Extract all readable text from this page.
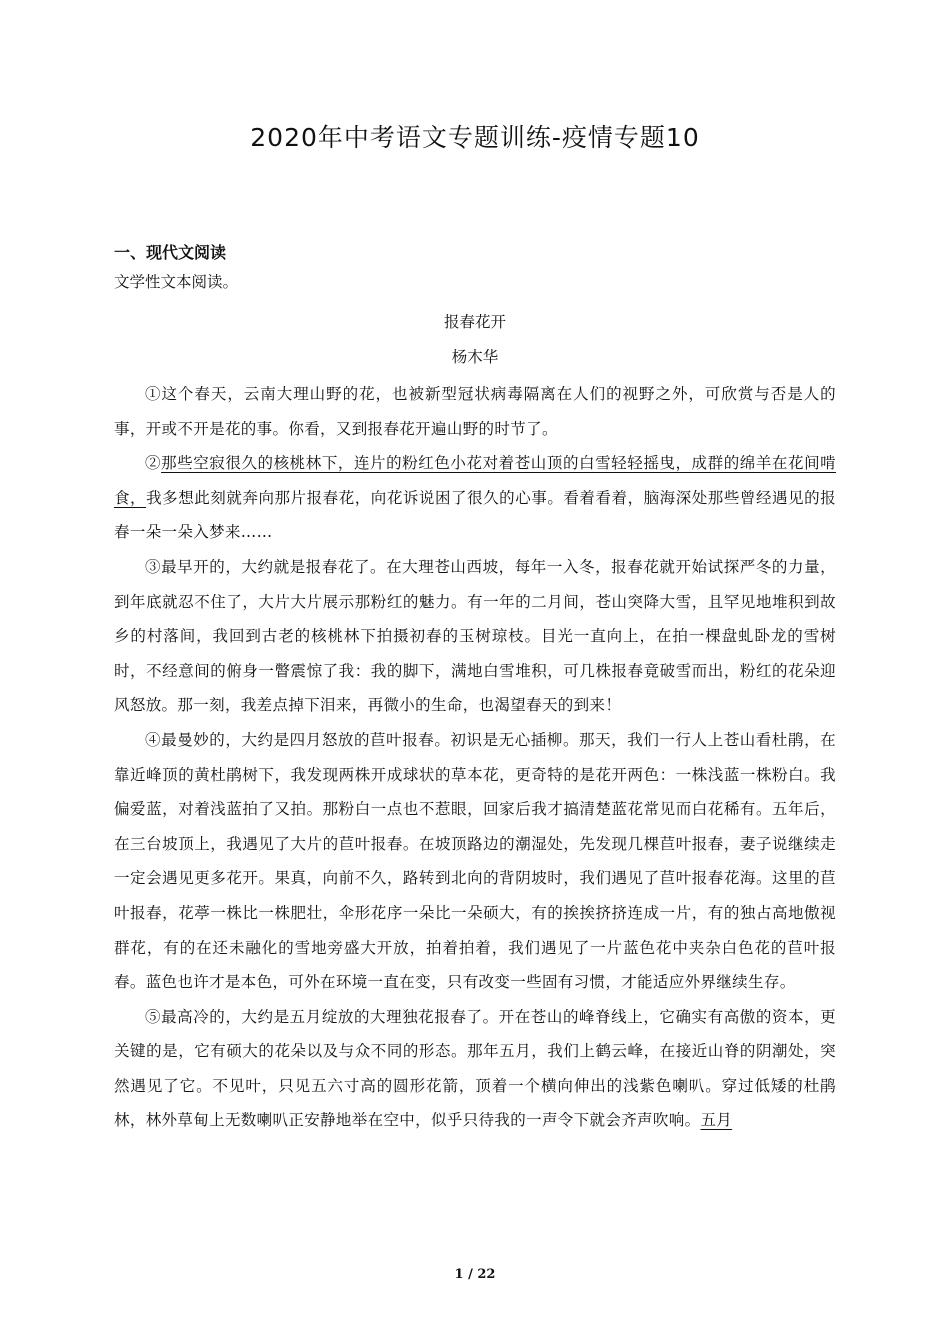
2020年中考语文专题训练-疫情专题10
一、现代文阅读
文学性文本阅读。
报春花开
杨木华

①这个春天，云南大理山野的花，也被新型冠状病毒隔离在人们的视野之外，可欣赏与否是人的事，开或不开是花的事。你看，又到报春花开遍山野的时节了。

②那些空寂很久的核桃林下，连片的粉红色小花对着苍山顶的白雪轻轻摇曳，成群的绵羊在花间啃食，我多想此刻就奔向那片报春花，向花诉说困了很久的心事。看着看着，脑海深处那些曾经遇见的报春一朵一朵入梦来……

③最早开的，大约就是报春花了。在大理苍山西坡，每年一入冬，报春花就开始试探严冬的力量，到年底就忍不住了，大片大片展示那粉红的魅力。有一年的二月间，苍山突降大雪，且罕见地堆积到故乡的村落间，我回到古老的核桃林下拍摄初春的玉树琼枝。目光一直向上，在拍一棵盘虬卧龙的雪树时，不经意间的俯身一瞥震惊了我：我的脚下，满地白雪堆积，可几株报春竟破雪而出，粉红的花朵迎风怒放。那一刻，我差点掉下泪来，再微小的生命，也渴望春天的到来！

④最曼妙的，大约是四月怒放的苣叶报春。初识是无心插柳。那天，我们一行人上苍山看杜鹃，在靠近峰顶的黄杜鹃树下，我发现两株开成球状的草本花，更奇特的是花开两色：一株浅蓝一株粉白。我偏爱蓝，对着浅蓝拍了又拍。那粉白一点也不惹眼，回家后我才搞清楚蓝花常见而白花稀有。五年后，在三台坡顶上，我遇见了大片的苣叶报春。在坡顶路边的潮湿处，先发现几棵苣叶报春，妻子说继续走一定会遇见更多花开。果真，向前不久，路转到北向的背阴坡时，我们遇见了苣叶报春花海。这里的苣叶报春，花葶一株比一株肥壮，伞形花序一朵比一朵硕大，有的挨挨挤挤连成一片，有的独占高地傲视群花，有的在还未融化的雪地旁盛大开放，拍着拍着，我们遇见了一片蓝色花中夹杂白色花的苣叶报春。蓝色也许才是本色，可外在环境一直在变，只有改变一些固有习惯，才能适应外界继续生存。

⑤最高冷的，大约是五月绽放的大理独花报春了。开在苍山的峰脊线上，它确实有高傲的资本，更关键的是，它有硕大的花朵以及与众不同的形态。那年五月，我们上鹤云峰，在接近山脊的阴潮处，突然遇见了它。不见叶，只见五六寸高的圆形花箭，顶着一个横向伸出的浅紫色喇叭。穿过低矮的杜鹃林，林外草甸上无数喇叭正安静地举在空中，似乎只待我的一声令下就会齐声吹响。五月

1 / 22
